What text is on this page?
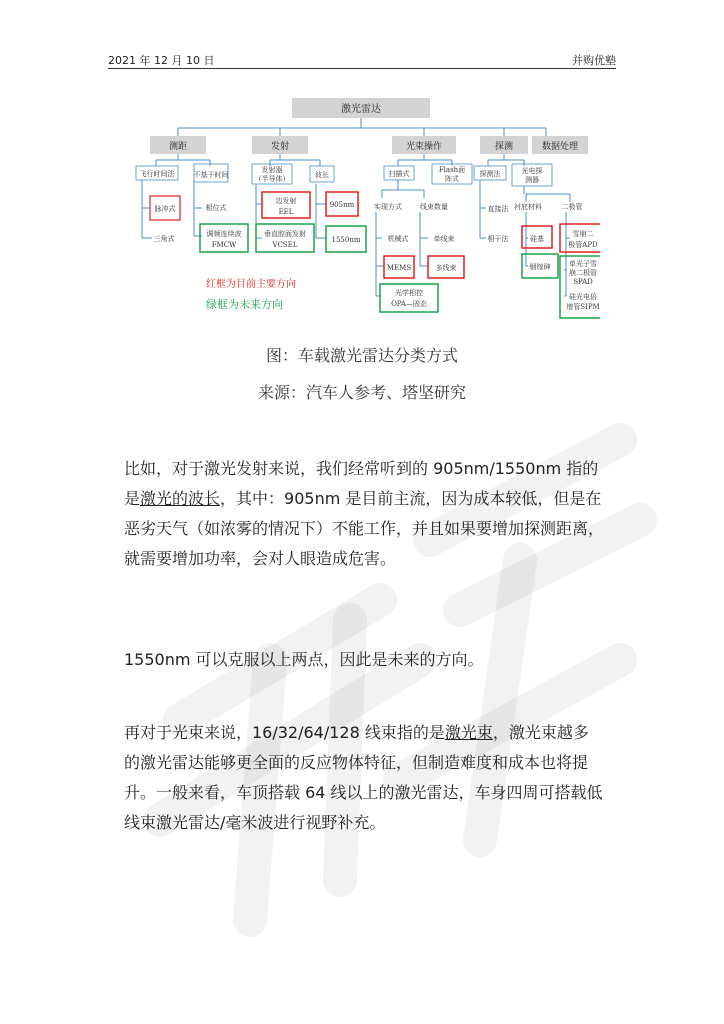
2021 年 12 月 10 日	并购优塾
激光雷达
测距	发射	光束操作	探测	数据处理
飞行时间法	不基于时间
脉冲式
三角式
相位式
调频连续波
FMCW
发射器
（半导体）	波长
边发射
EEL
垂直腔面发射
VCSEL
905nm
1550nm
扫描式	Flash面
阵式
实现方式	线束数量
机械式	单线束
MEMS	多线束
光学相控
OPA—固态
探测法	光电探
测器
直接法
相干法
衬底材料	二极管
硅基
铟镓砷
雪崩二
极管APD
单光子雪
崩二极管
SPAD
硅光电倍
增管SIPM
红框为目前主要方向
绿框为未来方向
图：车载激光雷达分类方式
来源：汽车人参考、塔坚研究

比如，对于激光发射来说，我们经常听到的 905nm/1550nm 指的是激光的波长，其中：905nm 是目前主流，因为成本较低，但是在恶劣天气（如浓雾的情况下）不能工作，并且如果要增加探测距离，就需要增加功率，会对人眼造成危害。

1550nm 可以克服以上两点，因此是未来的方向。

再对于光束来说，16/32/64/128 线束指的是激光束，激光束越多的激光雷达能够更全面的反应物体特征，但制造难度和成本也将提升。一般来看，车顶搭载 64 线以上的激光雷达，车身四周可搭载低线束激光雷达/毫米波进行视野补充。
